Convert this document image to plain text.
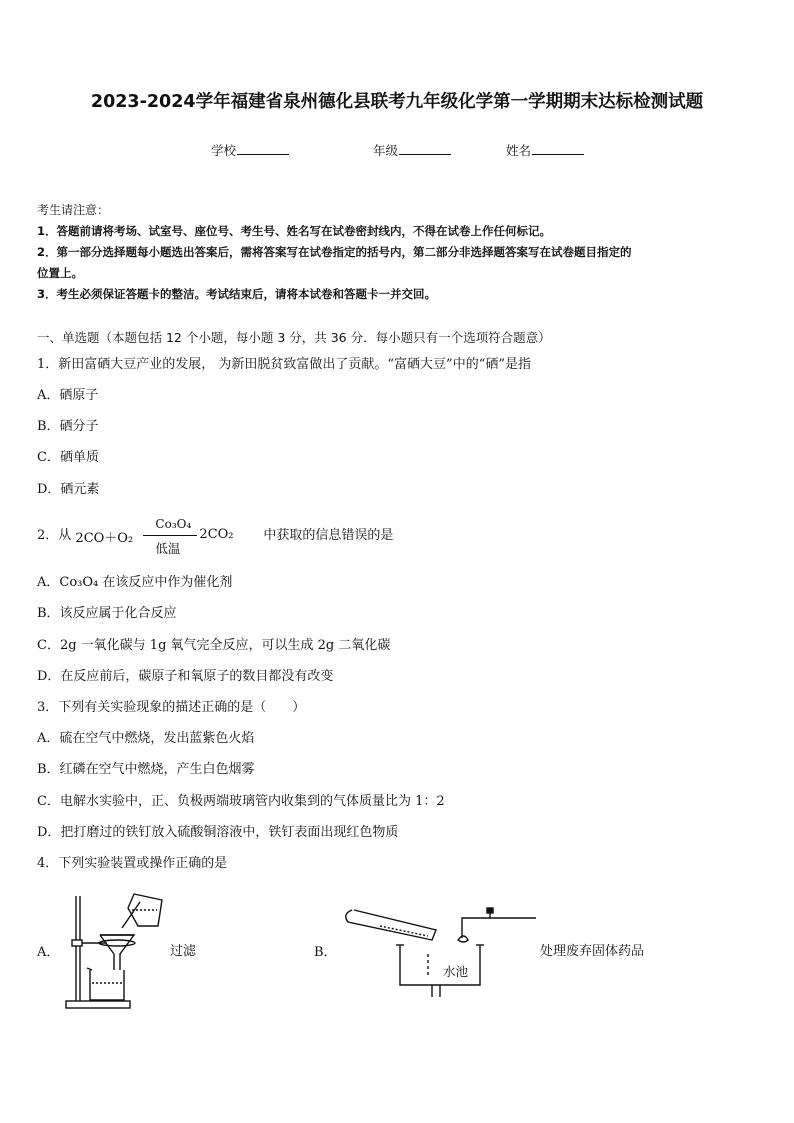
2023-2024学年福建省泉州德化县联考九年级化学第一学期期末达标检测试题
学校	年级	姓名
考生请注意：
1．答题前请将考场、试室号、座位号、考生号、姓名写在试卷密封线内，不得在试卷上作任何标记。
2．第一部分选择题每小题选出答案后，需将答案写在试卷指定的括号内，第二部分非选择题答案写在试卷题目指定的
位置上。
3．考生必须保证答题卡的整洁。考试结束后，请将本试卷和答题卡一并交回。
一、单选题（本题包括 12 个小题，每小题 3 分，共 36 分．每小题只有一个选项符合题意）
1．新田富硒大豆产业的发展， 为新田脱贫致富做出了贡献。“富硒大豆”中的“硒”是指
A．硒原子
B．硒分子
C．硒单质
D．硒元素
2．从 2CO＋O₂
Co₃O₄
低温
2CO₂ 中获取的信息错误的是
A．Co₃O₄ 在该反应中作为催化剂
B．该反应属于化合反应
C．2g 一氧化碳与 1g 氧气完全反应，可以生成 2g 二氧化碳
D．在反应前后，碳原子和氧原子的数目都没有改变
3．下列有关实验现象的描述正确的是（　　）
A．硫在空气中燃烧，发出蓝紫色火焰
B．红磷在空气中燃烧，产生白色烟雾
C．电解水实验中，正、负极两端玻璃管内收集到的气体质量比为 1：2
D．把打磨过的铁钉放入硫酸铜溶液中，铁钉表面出现红色物质
4．下列实验装置或操作正确的是
A．	过滤	B．
水池
处理废弃固体药品
